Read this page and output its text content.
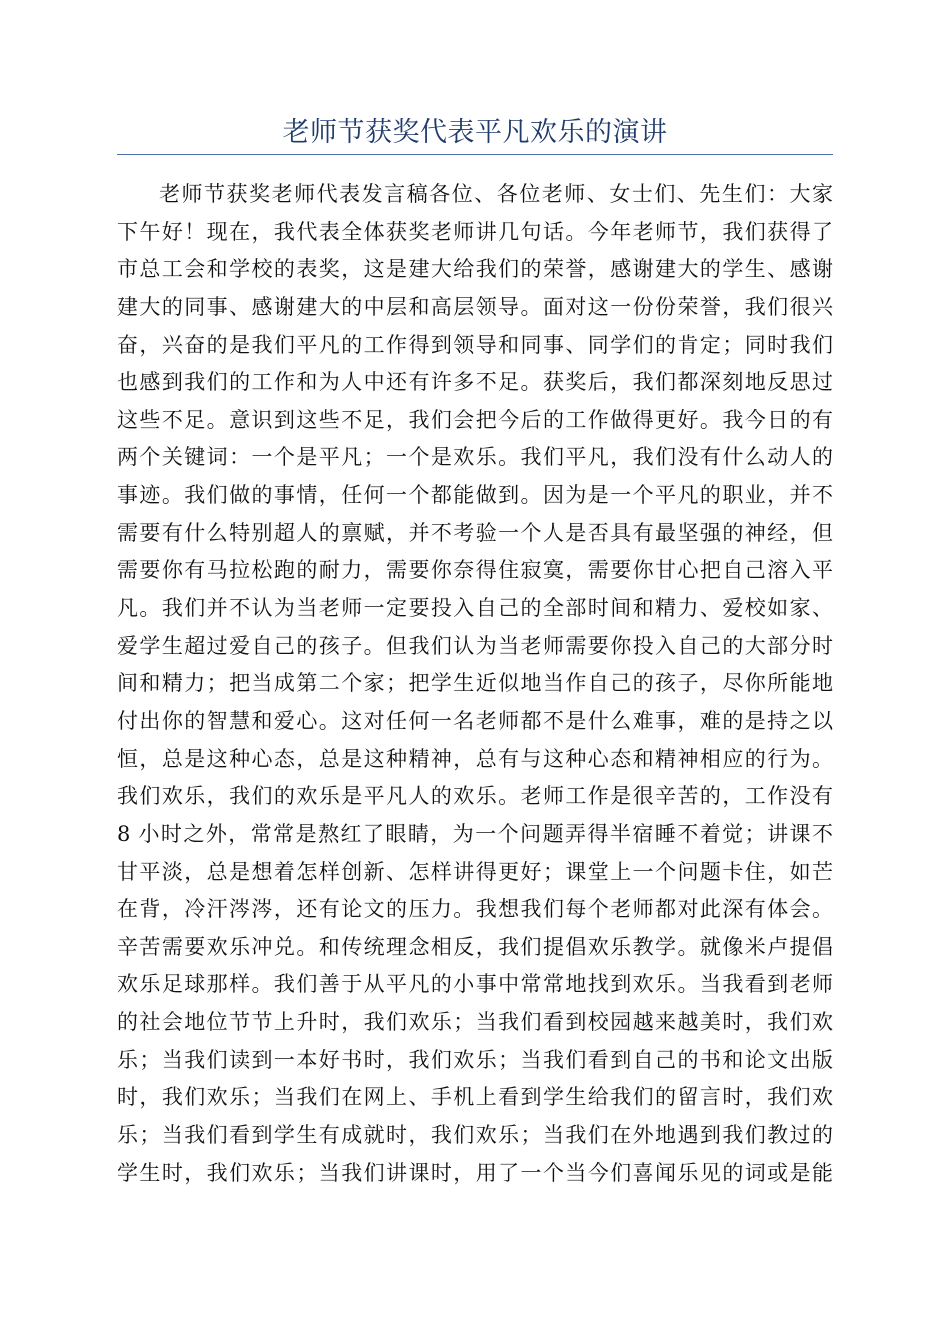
老师节获奖代表平凡欢乐的演讲
老师节获奖老师代表发言稿各位、各位老师、女士们、先生们：大家
下午好！现在，我代表全体获奖老师讲几句话。今年老师节，我们获得了
市总工会和学校的表奖，这是建大给我们的荣誉，感谢建大的学生、感谢
建大的同事、感谢建大的中层和高层领导。面对这一份份荣誉，我们很兴
奋，兴奋的是我们平凡的工作得到领导和同事、同学们的肯定；同时我们
也感到我们的工作和为人中还有许多不足。获奖后，我们都深刻地反思过
这些不足。意识到这些不足，我们会把今后的工作做得更好。我今日的有
两个关键词：一个是平凡；一个是欢乐。我们平凡，我们没有什么动人的
事迹。我们做的事情，任何一个都能做到。因为是一个平凡的职业，并不
需要有什么特别超人的禀赋，并不考验一个人是否具有最坚强的神经，但
需要你有马拉松跑的耐力，需要你奈得住寂寞，需要你甘心把自己溶入平
凡。我们并不认为当老师一定要投入自己的全部时间和精力、爱校如家、
爱学生超过爱自己的孩子。但我们认为当老师需要你投入自己的大部分时
间和精力；把当成第二个家；把学生近似地当作自己的孩子，尽你所能地
付出你的智慧和爱心。这对任何一名老师都不是什么难事，难的是持之以
恒，总是这种心态，总是这种精神，总有与这种心态和精神相应的行为。
我们欢乐，我们的欢乐是平凡人的欢乐。老师工作是很辛苦的，工作没有
8 小时之外，常常是熬红了眼睛，为一个问题弄得半宿睡不着觉；讲课不
甘平淡，总是想着怎样创新、怎样讲得更好；课堂上一个问题卡住，如芒
在背，冷汗涔涔，还有论文的压力。我想我们每个老师都对此深有体会。
辛苦需要欢乐冲兑。和传统理念相反，我们提倡欢乐教学。就像米卢提倡
欢乐足球那样。我们善于从平凡的小事中常常地找到欢乐。当我看到老师
的社会地位节节上升时，我们欢乐；当我们看到校园越来越美时，我们欢
乐；当我们读到一本好书时，我们欢乐；当我们看到自己的书和论文出版
时，我们欢乐；当我们在网上、手机上看到学生给我们的留言时，我们欢
乐；当我们看到学生有成就时，我们欢乐；当我们在外地遇到我们教过的
学生时，我们欢乐；当我们讲课时，用了一个当今们喜闻乐见的词或是能
